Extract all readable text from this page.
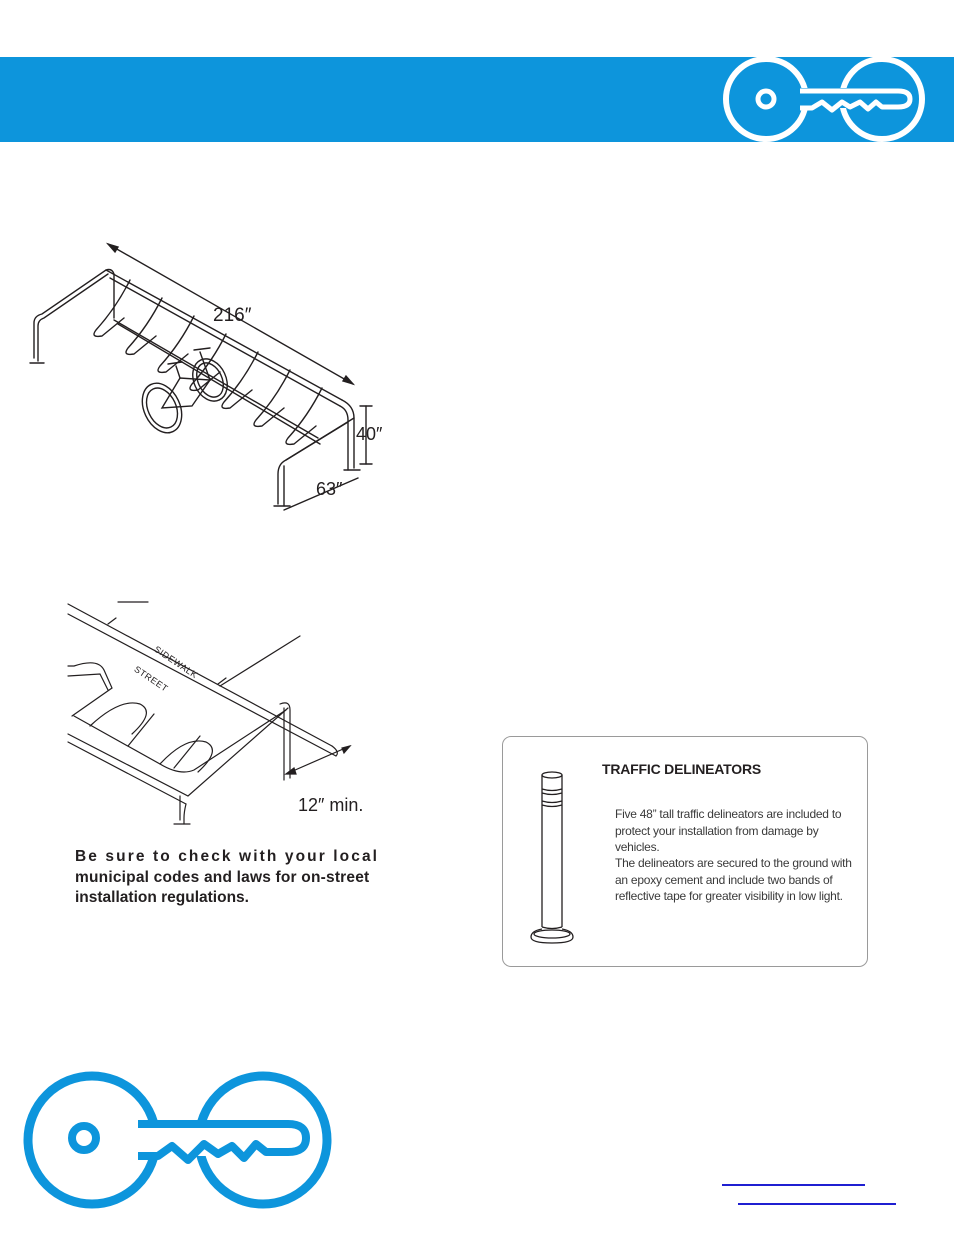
216″
40″
63″
SIDEWALK
STREET
12″ min.

Be sure to check with your local
municipal codes and laws for on-street
installation regulations.

TRAFFIC DELINEATORS

Five 48” tall traffic delineators are included to protect your installation from damage by vehicles.

The delineators are secured to the ground with an epoxy cement and include two bands of reflective tape for greater visibility in low light.
